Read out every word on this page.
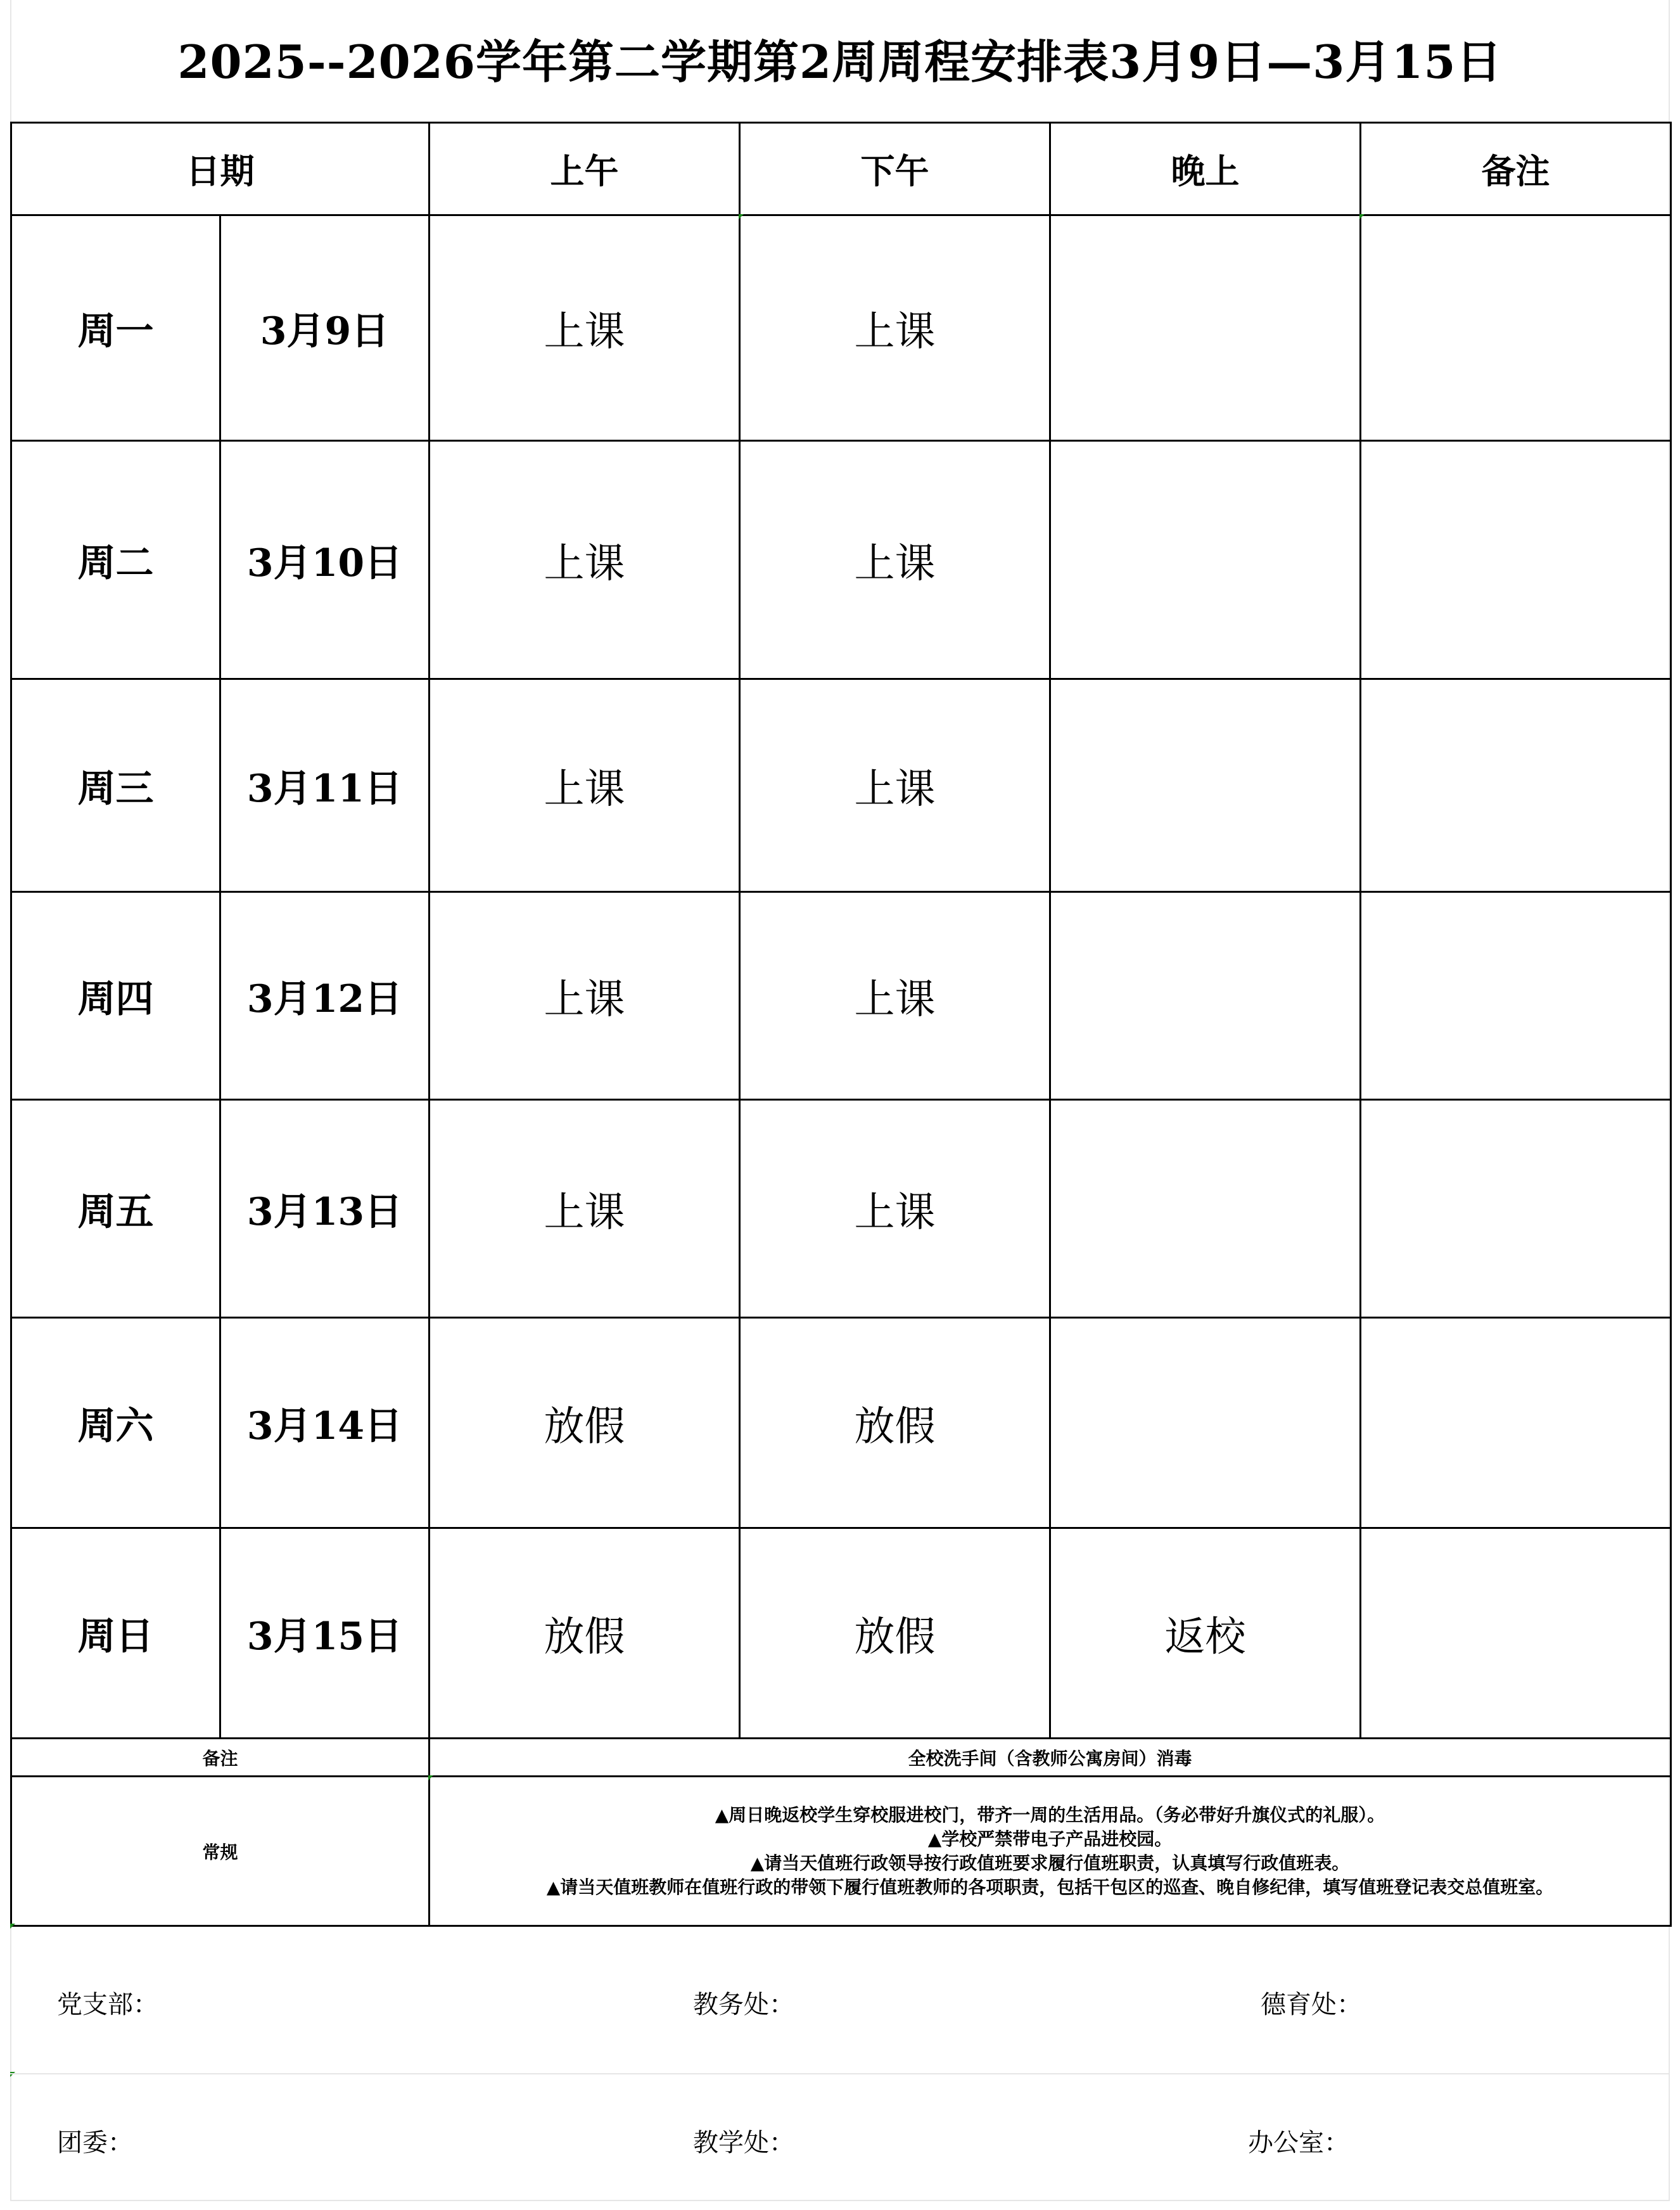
2025--2026学年第二学期第2周周程安排表3月9日—3月15日
日期		上午	下午	晚上	备注
周一	3月9日	上课	上课		
周二	3月10日	上课	上课		
周三	3月11日	上课	上课		
周四	3月12日	上课	上课		
周五	3月13日	上课	上课		
周六	3月14日	放假	放假		
周日	3月15日	放假	放假	返校	
备注		全校洗手间（含教师公寓房间）消毒			
常规		▲周日晚返校学生穿校服进校门，带齐一周的生活用品。（务必带好升旗仪式的礼服）。
▲学校严禁带电子产品进校园。
▲请当天值班行政领导按行政值班要求履行值班职责，认真填写行政值班表。
▲请当天值班教师在值班行政的带领下履行值班教师的各项职责，包括干包区的巡查、晚自修纪律，填写值班登记表交总值班室。			
党支部：	教务处：	德育处：
团委：	教学处：	办公室：
